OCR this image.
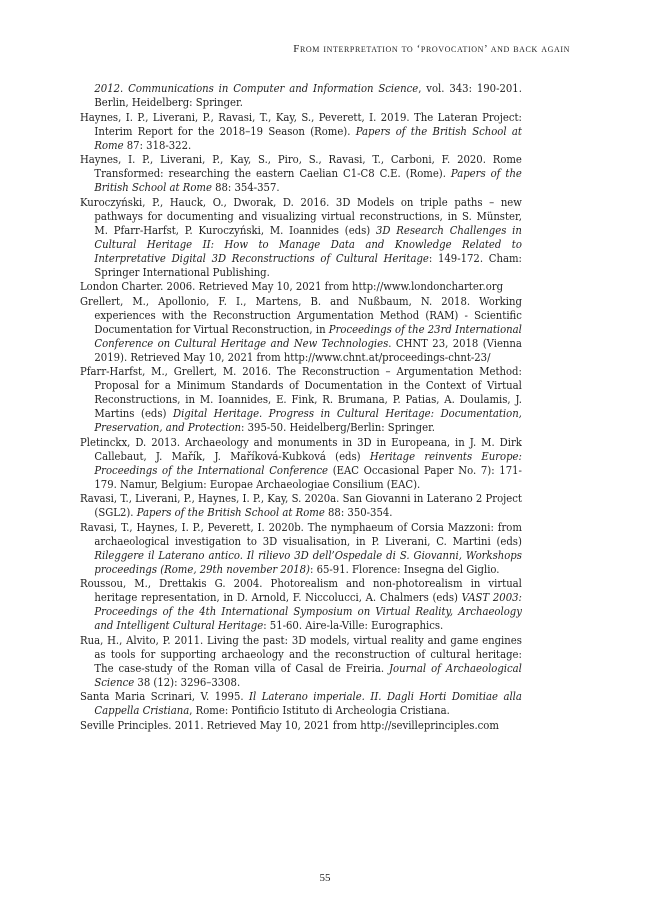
From interpretation to ‘provocation’ and back again

2012. Communications in Computer and Information Science, vol. 343: 190-201. Berlin, Heidelberg: Springer.

Haynes, I. P., Liverani, P., Ravasi, T., Kay, S., Peverett, I. 2019. The Lateran Project: Interim Report for the 2018–19 Season (Rome). Papers of the British School at Rome 87: 318-322.

Haynes, I. P., Liverani, P., Kay, S., Piro, S., Ravasi, T., Carboni, F. 2020. Rome Transformed: researching the eastern Caelian C1-C8 C.E. (Rome). Papers of the British School at Rome 88: 354-357.

Kuroczyński, P., Hauck, O., Dworak, D. 2016. 3D Models on triple paths – new pathways for documenting and visualizing virtual reconstructions, in S. Münster, M. Pfarr-Harfst, P. Kuroczyński, M. Ioannides (eds) 3D Research Challenges in Cultural Heritage II: How to Manage Data and Knowledge Related to Interpretative Digital 3D Reconstructions of Cultural Heritage: 149-172. Cham: Springer International Publishing.

London Charter. 2006. Retrieved May 10, 2021 from http://www.londoncharter.org

Grellert, M., Apollonio, F. I., Martens, B. and Nußbaum, N. 2018. Working experiences with the Reconstruction Argumentation Method (RAM) - Scientific Documentation for Virtual Reconstruction, in Proceedings of the 23rd International Conference on Cultural Heritage and New Technologies. CHNT 23, 2018 (Vienna 2019). Retrieved May 10, 2021 from http://www.chnt.at/proceedings-chnt-23/

Pfarr-Harfst, M., Grellert, M. 2016. The Reconstruction – Argumentation Method: Proposal for a Minimum Standards of Documentation in the Context of Virtual Reconstructions, in M. Ioannides, E. Fink, R. Brumana, P. Patias, A. Doulamis, J. Martins (eds) Digital Heritage. Progress in Cultural Heritage: Documentation, Preservation, and Protection: 395-50. Heidelberg/Berlin: Springer.

Pletinckx, D. 2013. Archaeology and monuments in 3D in Europeana, in J. M. Dirk Callebaut, J. Mařík, J. Maříková-Kubková (eds) Heritage reinvents Europe: Proceedings of the International Conference (EAC Occasional Paper No. 7): 171-179. Namur, Belgium: Europae Archaeologiae Consilium (EAC).

Ravasi, T., Liverani, P., Haynes, I. P., Kay, S. 2020a. San Giovanni in Laterano 2 Project (SGL2). Papers of the British School at Rome 88: 350-354.

Ravasi, T., Haynes, I. P., Peverett, I. 2020b. The nymphaeum of Corsia Mazzoni: from archaeological investigation to 3D visualisation, in P. Liverani, C. Martini (eds) Rileggere il Laterano antico. Il rilievo 3D dell’Ospedale di S. Giovanni, Workshops proceedings (Rome, 29th november 2018): 65-91. Florence: Insegna del Giglio.

Roussou, M., Drettakis G. 2004. Photorealism and non-photorealism in virtual heritage representation, in D. Arnold, F. Niccolucci, A. Chalmers (eds) VAST 2003: Proceedings of the 4th International Symposium on Virtual Reality, Archaeology and Intelligent Cultural Heritage: 51-60. Aire-la-Ville: Eurographics.

Rua, H., Alvito, P. 2011. Living the past: 3D models, virtual reality and game engines as tools for supporting archaeology and the reconstruction of cultural heritage: The case-study of the Roman villa of Casal de Freiria. Journal of Archaeological Science 38 (12): 3296–3308.

Santa Maria Scrinari, V. 1995. Il Laterano imperiale. II. Dagli Horti Domitiae alla Cappella Cristiana, Rome: Pontificio Istituto di Archeologia Cristiana.

Seville Principles. 2011. Retrieved May 10, 2021 from http://sevilleprinciples.com

55
